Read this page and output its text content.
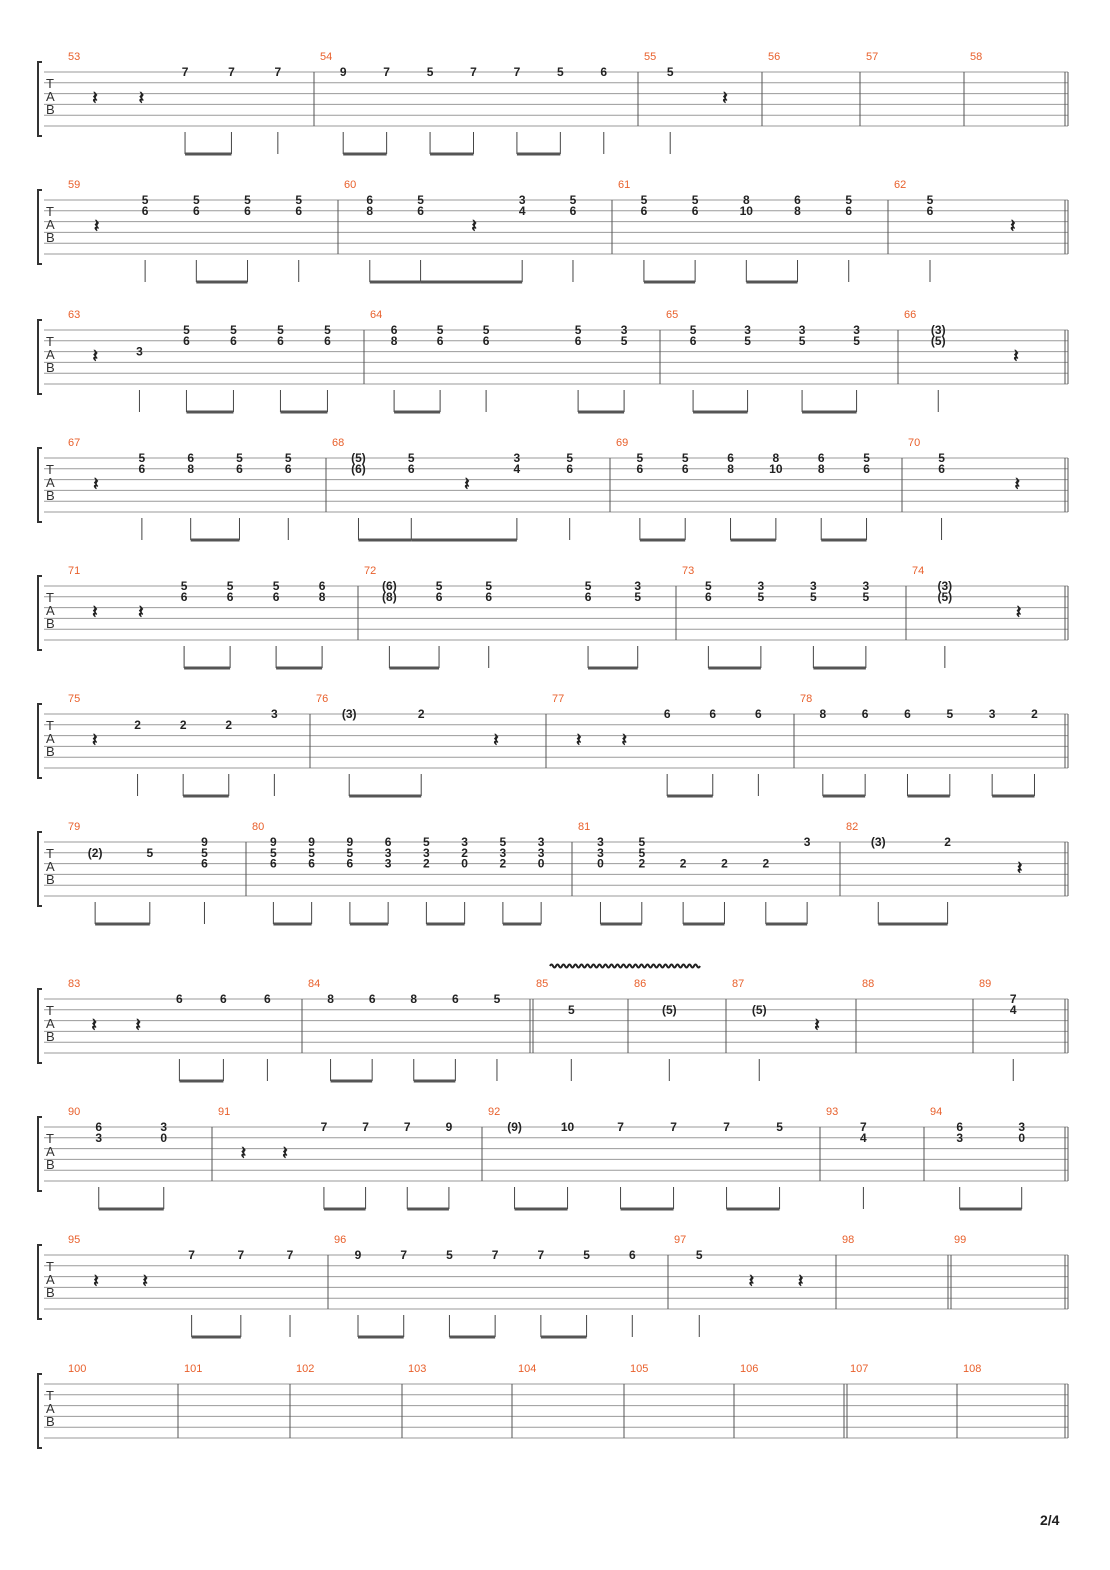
T
A
B
53
𝄽 𝄽
7	7	7
54
9	7	5	7	7	5	6
55
5
𝄽
56	57	58
T
A
B
59
𝄽
5
6
5
6
5
6
5
6
60
6
8
5
6
𝄽
3
4
5
6
61
5
6
5
6
8
10
6
8
5
6
62
5
6
𝄽
T
A
B
63
𝄽	3
5
6
5
6
5
6
5
6
64
6
8
5
6
5
6
5
6
3
5
65
5
6
3
5
3
5
3
5
66
(3)
(5)
𝄽
T
A
B
67
𝄽
5
6
6
8
5
6
5
6
68
(5)
(6)
5
6
𝄽
3
4
5
6
69
5
6
5
6
6
8
8
10
6
8
5
6
70
5
6
𝄽
T
A
B
71
𝄽 𝄽
5
6
5
6
5
6
6
8
72
(6)
(8)
5
6
5
6
5
6
3
5
73
5
6
3
5
3
5
3
5
74
(3)
(5)
𝄽
T
A
B
75
𝄽
2	2	2
3
76
(3)	2
𝄽
77
𝄽 𝄽
6	6	6
78
8	6	6	5	3	2
T
A
B
79
(2)	5
9
5
6
80
9
5
6
9
5
6
9
5
6
6
3
3
5
3
2
3
2
0
5
3
2
3
3
0
81
3
3
0
5
5
2	2	2	2
3
82
(3)	2
𝄽
T
A
B
83
𝄽 𝄽
6	6	6
84
8	6	8	6	5
85
5
86
(5)
87
(5)
𝄽
88	89
7
4
T
A
B
90
6
3
3
0
91
𝄽 𝄽
7	7	7	9
92
(9)	10	7	7	7	5
93
7
4
94
6
3
3
0
T
A
B
95
𝄽 𝄽
7	7	7
96
9	7	5	7	7	5	6
97
5
𝄽 𝄽
98	99
T
A
B
100	101	102	103	104	105	106	107	108
2/4
